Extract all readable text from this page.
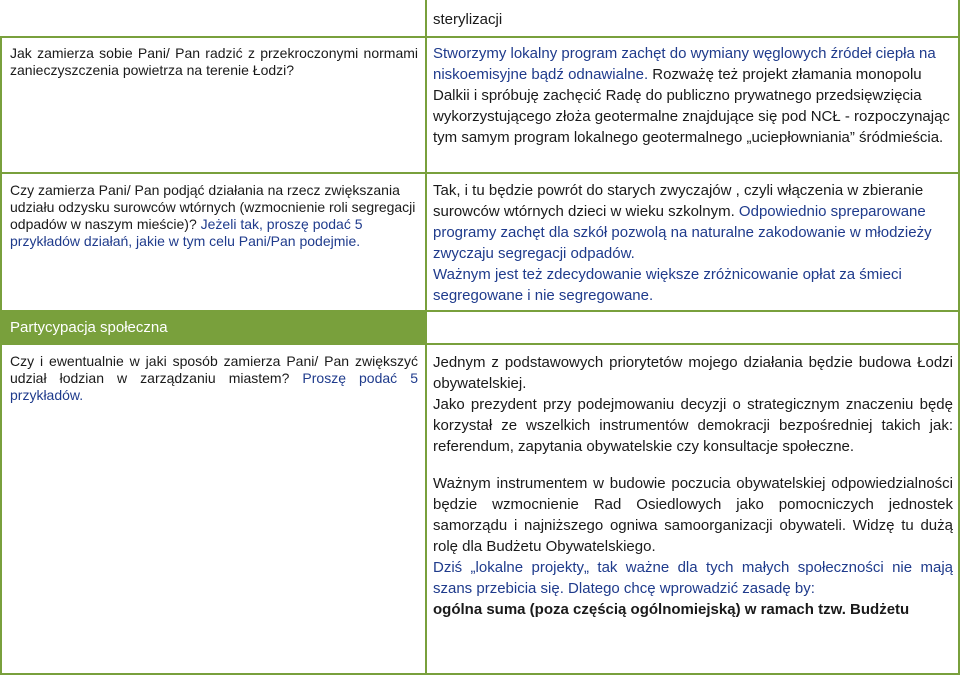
sterylizacji
Jak zamierza sobie Pani/ Pan radzić z przekroczonymi normami zanieczyszczenia powietrza na terenie Łodzi?
Stworzymy lokalny program zachęt do wymiany węglowych źródeł ciepła na niskoemisyjne bądź odnawialne. Rozważę też projekt złamania monopolu Dalkii i spróbuję zachęcić Radę do publiczno prywatnego przedsięwzięcia wykorzystującego złoża geotermalne znajdujące się pod NCŁ - rozpoczynając tym samym program lokalnego geotermalnego „uciepłowniania” śródmieścia.
Czy zamierza Pani/ Pan podjąć działania na rzecz zwiększania udziału odzysku surowców wtórnych (wzmocnienie roli segregacji odpadów w naszym mieście)? Jeżeli tak, proszę podać 5 przykładów działań, jakie w tym celu Pani/Pan podejmie.

Tak, i tu będzie powrót do starych zwyczajów , czyli włączenia w zbieranie surowców wtórnych dzieci w wieku szkolnym. Odpowiednio spreparowane programy zachęt dla szkół pozwolą na naturalne zakodowanie w młodzieży zwyczaju segregacji odpadów.

Ważnym jest też zdecydowanie większe zróżnicowanie opłat za śmieci segregowane i nie segregowane.

Partycypacja społeczna
Czy i ewentualnie w jaki sposób zamierza Pani/ Pan zwiększyć udział łodzian w zarządzaniu miastem? Proszę podać 5 przykładów.

Jednym z podstawowych priorytetów mojego działania będzie budowa Łodzi obywatelskiej.

Jako prezydent przy podejmowaniu decyzji o strategicznym znaczeniu będę korzystał ze wszelkich instrumentów demokracji bezpośredniej takich jak: referendum, zapytania obywatelskie czy konsultacje społeczne.

Ważnym instrumentem w budowie poczucia obywatelskiej odpowiedzialności będzie wzmocnienie Rad Osiedlowych jako pomocniczych jednostek samorządu i najniższego ogniwa samoorganizacji obywateli. Widzę tu dużą rolę dla Budżetu Obywatelskiego.

Dziś „lokalne projekty„ tak ważne dla tych małych społeczności nie mają szans przebicia się. Dlatego chcę wprowadzić zasadę by:

ogólna suma (poza częścią ogólnomiejską) w ramach tzw. Budżetu
